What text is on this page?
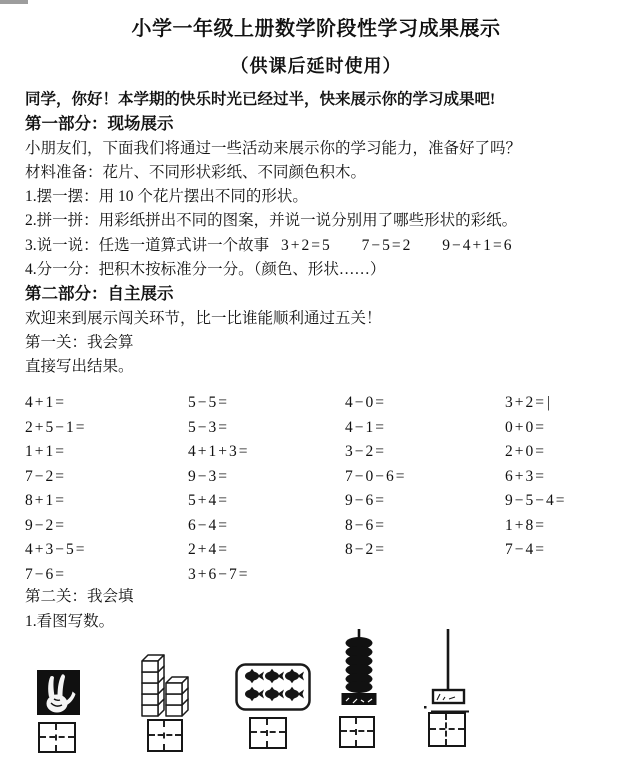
小学一年级上册数学阶段性学习成果展示
（供课后延时使用）
同学，你好！本学期的快乐时光已经过半，快来展示你的学习成果吧!
第一部分：现场展示
小朋友们，下面我们将通过一些活动来展示你的学习能力，准备好了吗？
材料准备：花片、不同形状彩纸、不同颜色积木。
1.摆一摆：用 10 个花片摆出不同的形状。
2.拼一拼：用彩纸拼出不同的图案，并说一说分别用了哪些形状的彩纸。
3.说一说：任选一道算式讲一个故事 3+2=5 7−5=2 9−4+1=6
4.分一分：把积木按标准分一分。（颜色、形状……）
第二部分：自主展示
欢迎来到展示闯关环节，比一比谁能顺利通过五关！
第一关：我会算
直接写出结果。
4+1=	5−5=	4−0=	3+2= |
2+5−1=	5−3=	4−1=	0+0=
1+1=	4+1+3=	3−2=	2+0=
7−2=	9−3=	7−0−6=	6+3=
8+1=	5+4=	9−6=	9−5−4=
9−2=	6−4=	8−6=	1+8=
4+3−5=	2+4=	8−2=	7−4=
7−6=	3+6−7=
第二关：我会填
1.看图写数。
